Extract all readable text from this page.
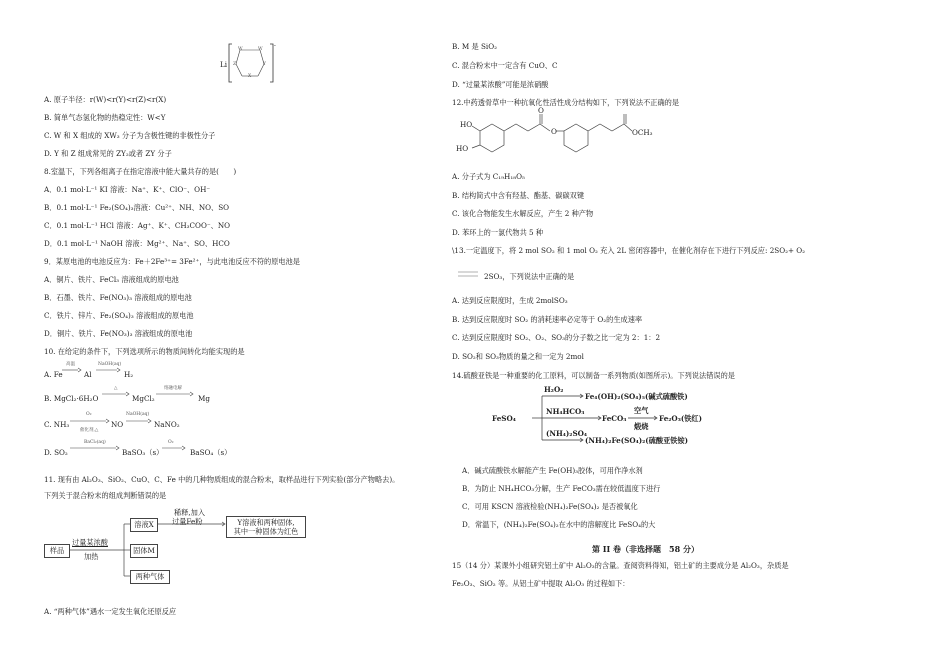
Li
-
W	W
Z	Y
X
A. 原子半径：r(W)<r(Y)<r(Z)<r(X)
B. 简单气态氢化物的热稳定性：W<Y
C. W 和 X 组成的 XW₃ 分子为含极性键的非极性分子
D. Y 和 Z 组成常见的 ZY₂或者 ZY 分子
8.室温下，下列各组离子在指定溶液中能大量共存的是(　　)
A．0.1 mol·L⁻¹ KI 溶液：Na⁺、K⁺、ClO⁻、OH⁻
B．0.1 mol·L⁻¹ Fe₂(SO₄)₃溶液：Cu²⁺、NH、NO、SO
C．0.1 mol·L⁻¹ HCl 溶液：Ag⁺、K⁺、CH₃COO⁻、NO
D．0.1 mol·L⁻¹ NaOH 溶液：Mg²⁺、Na⁺、SO、HCO
9．某原电池的电池反应为：Fe＋2Fe³⁺= 3Fe²⁺，与此电池反应不符的原电池是
A．铜片、铁片、FeCl₃ 溶液组成的原电池
B．石墨、铁片、Fe(NO₃)₃ 溶液组成的原电池
C．铁片、锌片、Fe₂(SO₄)₃ 溶液组成的原电池
D．铜片、铁片、Fe(NO₃)₃ 溶液组成的原电池
10. 在给定的条件下，下列选项所示的物质间转化均能实现的是
A. Fe
高温
Al
NaOH(aq)
H₂
B. MgCl₂·6H₂O
△
MgCl₂
熔融电解
Mg
C. NH₃
O₂
催化剂,△
NO
NaOH(aq)
NaNO₂
D. SO₂
BaCl₂(aq)
BaSO₃（s）
O₂
BaSO₄（s）
11. 现有由 Al₂O₃、SiO₂、CuO、C、Fe 中的几种物质组成的混合粉末，取样品进行下列实验(部分产物略去)。
下列关于混合粉末的组成判断错误的是
样品
过量某浓酸
加热
溶液X
固体M
两种气体
稀释,加入
过量Fe粉	Y溶液和两种固体,
其中一种固体为红色
A. “两种气体”遇水一定发生氧化还原反应
B. M 是 SiO₂
C. 混合粉末中一定含有 CuO、C
D. “过量某浓酸”可能是浓硝酸
12.中药透骨草中一种抗氧化性活性成分结构如下，下列说法不正确的是
HO
HO
O
O	OCH₃
A. 分子式为 C₁₉H₁₈O₅
B. 结构简式中含有羟基、酯基、碳碳双键
C. 该化合物能发生水解反应，产生 2 种产物
D. 苯环上的一氯代物共 5 种
\13.一定温度下，将 2 mol SO₂ 和 1 mol O₂ 充入 2L 密闭容器中，在催化剂存在下进行下列反应: 2SO₂+ O₂
2SO₃，下列说法中正确的是
A. 达到反应限度时，生成 2molSO₃
B. 达到反应限度时 SO₂ 的消耗速率必定等于 O₂的生成速率
C. 达到反应限度时 SO₂、O₂、SO₃的分子数之比一定为 2：1：2
D. SO₂和 SO₃物质的量之和一定为 2mol
14.硫酸亚铁是一种重要的化工原料，可以制备一系列物质(如图所示)。下列说法错误的是
FeSO₄
H₂O₂
Fe₄(OH)₂(SO₄)₅(碱式硫酸铁)
NH₄HCO₃
FeCO₃
空气
煅烧
Fe₂O₃(铁红)
(NH₄)₂SO₄
(NH₄)₂Fe(SO₄)₂(硫酸亚铁铵)
A．碱式硫酸铁水解能产生 Fe(OH)₃胶体，可用作净水剂
B．为防止 NH₄HCO₃分解，生产 FeCO₃需在较低温度下进行
C．可用 KSCN 溶液检验(NH₄)₂Fe(SO₄)₂ 是否被氧化
D．常温下，(NH₄)₂Fe(SO₄)₂在水中的溶解度比 FeSO₄的大
第 II 卷（非选择题　58 分）
15（14 分）某课外小组研究铝土矿中 Al₂O₃的含量。查阅资料得知，铝土矿的主要成分是 Al₂O₃，杂质是
Fe₂O₃、SiO₂ 等。从铝土矿中提取 Al₂O₃ 的过程如下：
